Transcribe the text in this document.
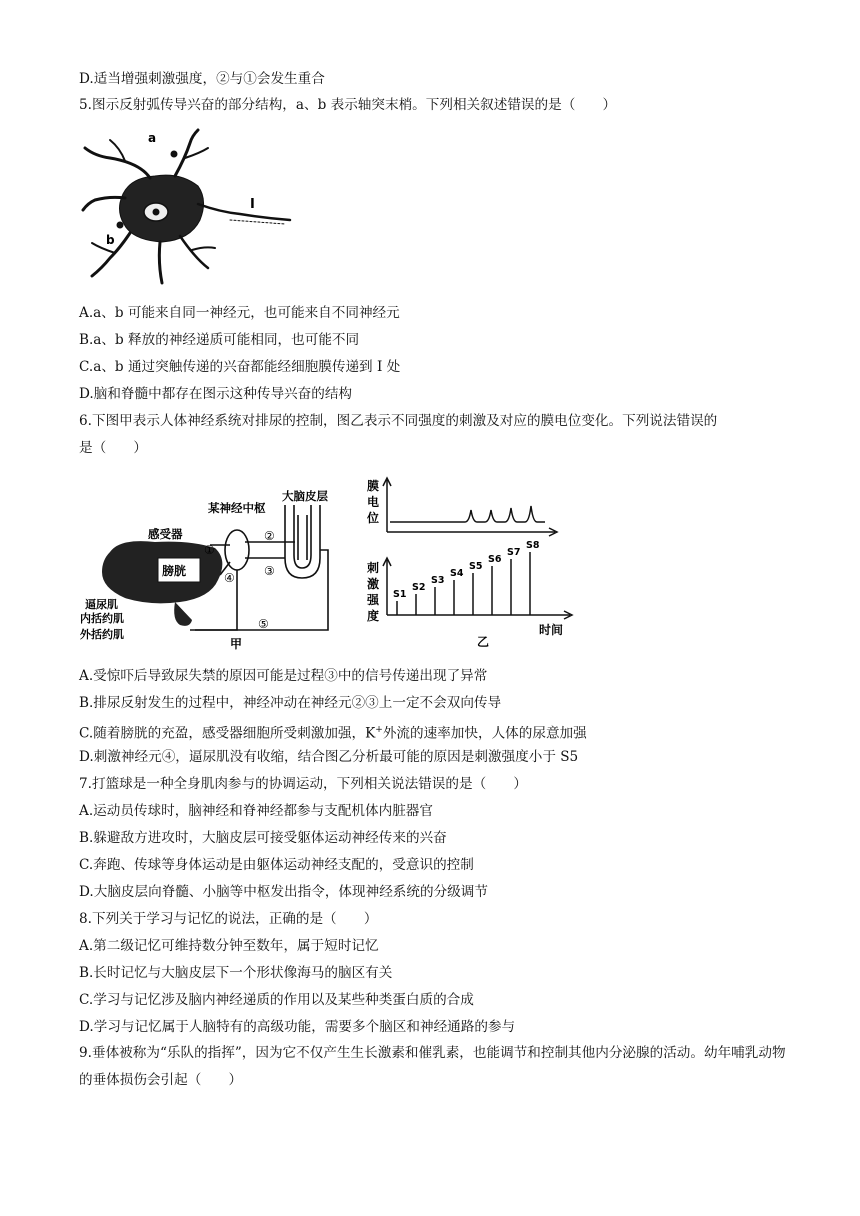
D.适当增强刺激强度，②与①会发生重合
5.图示反射弧传导兴奋的部分结构，a、b 表示轴突末梢。下列相关叙述错误的是（　　）
a
b
I
A.a、b 可能来自同一神经元，也可能来自不同神经元
B.a、b 释放的神经递质可能相同，也可能不同
C.a、b 通过突触传递的兴奋都能经细胞膜传递到 I 处
D.脑和脊髓中都存在图示这种传导兴奋的结构
6.下图甲表示人体神经系统对排尿的控制，图乙表示不同强度的刺激及对应的膜电位变化。下列说法错误的
是（　　）
膀胱
①
②
③
④
⑤
某神经中枢
大脑皮层
感受器
逼尿肌
内括约肌
外括约肌
甲
S1
S2
S3
S4
S5
S6
S7
S8
膜
电
位
刺
激
强
度
时间
乙
A.受惊吓后导致尿失禁的原因可能是过程③中的信号传递出现了异常
B.排尿反射发生的过程中，神经冲动在神经元②③上一定不会双向传导
C.随着膀胱的充盈，感受器细胞所受刺激加强，K+外流的速率加快，人体的尿意加强
D.刺激神经元④，逼尿肌没有收缩，结合图乙分析最可能的原因是刺激强度小于 S5
7.打篮球是一种全身肌肉参与的协调运动，下列相关说法错误的是（　　）
A.运动员传球时，脑神经和脊神经都参与支配机体内脏器官
B.躲避敌方进攻时，大脑皮层可接受躯体运动神经传来的兴奋
C.奔跑、传球等身体运动是由躯体运动神经支配的，受意识的控制
D.大脑皮层向脊髓、小脑等中枢发出指令，体现神经系统的分级调节
8.下列关于学习与记忆的说法，正确的是（　　）
A.第二级记忆可维持数分钟至数年，属于短时记忆
B.长时记忆与大脑皮层下一个形状像海马的脑区有关
C.学习与记忆涉及脑内神经递质的作用以及某些种类蛋白质的合成
D.学习与记忆属于人脑特有的高级功能，需要多个脑区和神经通路的参与
9.垂体被称为“乐队的指挥”，因为它不仅产生生长激素和催乳素，也能调节和控制其他内分泌腺的活动。幼年哺乳动物的垂体损伤会引起（　　）
